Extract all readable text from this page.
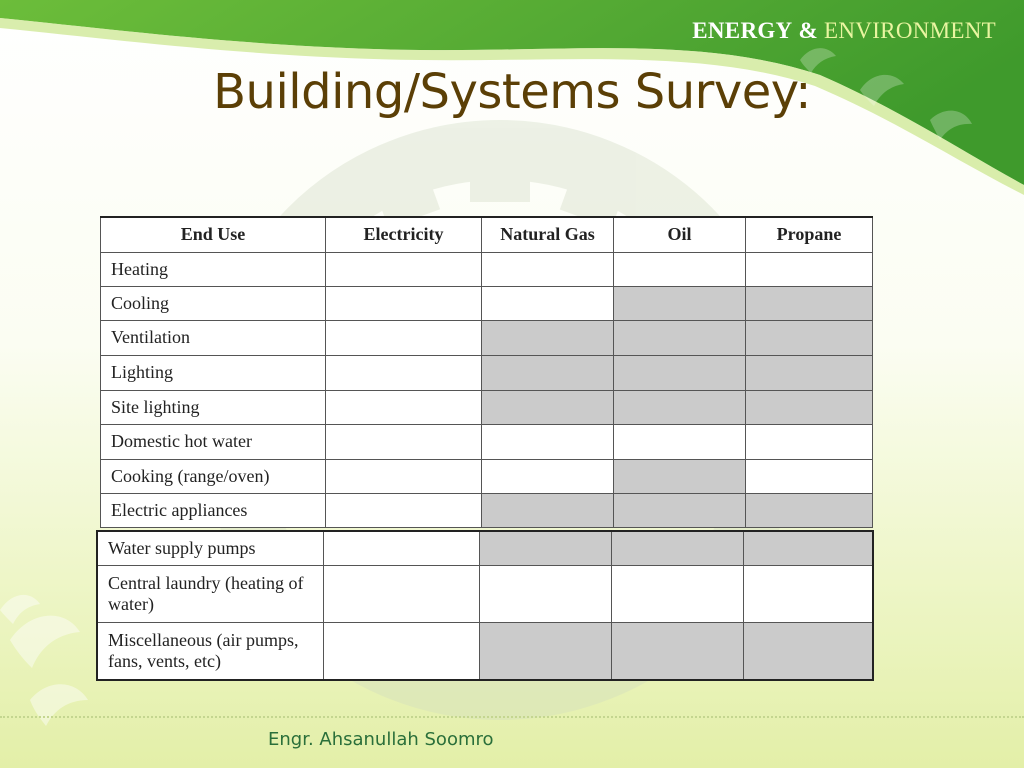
ENERGY & ENVIRONMENT
Building/Systems Survey:
End Use	Electricity	Natural Gas	Oil	Propane
Heating				
Cooling				
Ventilation				
Lighting				
Site lighting				
Domestic hot water				
Cooking (range/oven)				
Electric appliances				
Water supply pumps				
Central laundry (heating of water)				
Miscellaneous (air pumps, fans, vents, etc)				
Engr. Ahsanullah Soomro
